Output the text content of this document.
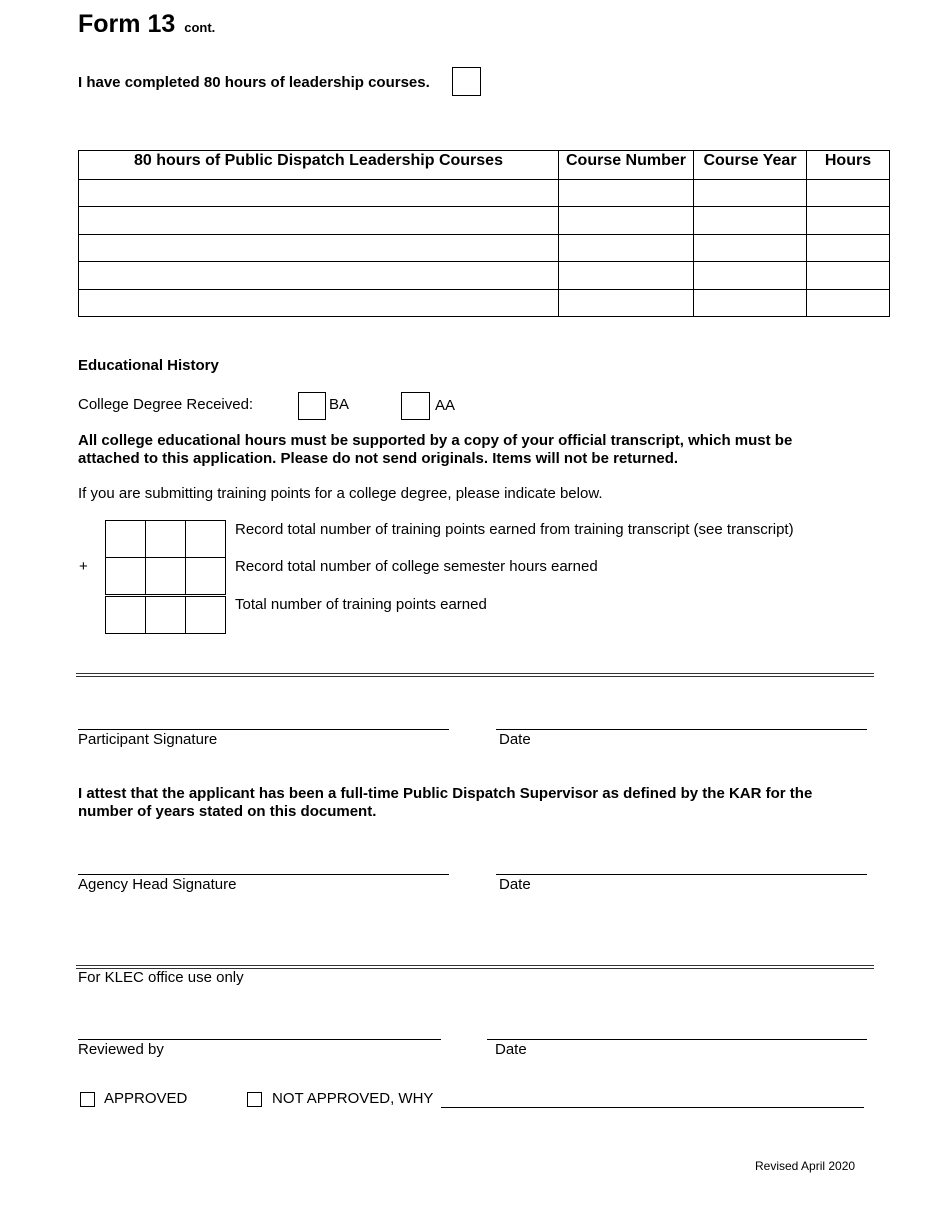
Form 13 cont.
I have completed 80 hours of leadership courses.
80 hours of Public Dispatch Leadership Courses	Course Number	Course Year	Hours

Educational History
College Degree Received:	BA	AA
All college educational hours must be supported by a copy of your official transcript, which must be
attached to this application. Please do not send originals. Items will not be returned.
If you are submitting training points for a college degree, please indicate below.

+
Record total number of training points earned from training transcript (see transcript)
Record total number of college semester hours earned
Total number of training points earned
Participant Signature	Date
I attest that the applicant has been a full-time Public Dispatch Supervisor as defined by the KAR for the
number of years stated on this document.
Agency Head Signature	Date
For KLEC office use only
Reviewed by	Date
APPROVED	NOT APPROVED, WHY
Revised April 2020
